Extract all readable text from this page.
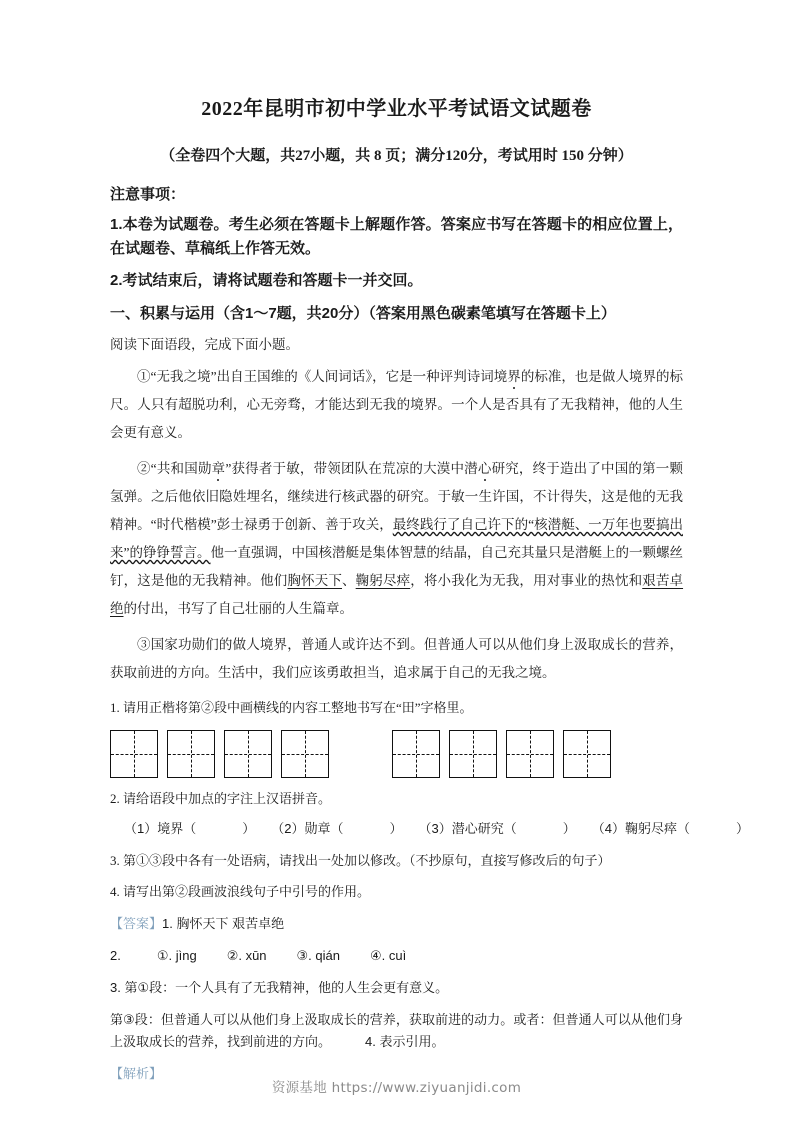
2022年昆明市初中学业水平考试语文试题卷

（全卷四个大题，共27小题，共 8 页；满分120分，考试用时 150 分钟）

注意事项：

1.本卷为试题卷。考生必须在答题卡上解题作答。答案应书写在答题卡的相应位置上，在试题卷、草稿纸上作答无效。

2.考试结束后，请将试题卷和答题卡一并交回。

一、积累与运用（含1～7题，共20分）（答案用黑色碳素笔填写在答题卡上）

阅读下面语段，完成下面小题。

①“无我之境”出自王国维的《人间词话》，它是一种评判诗词境界的标准，也是做人境界的标尺。人只有超脱功利，心无旁骛，才能达到无我的境界。一个人是否具有了无我精神，他的人生会更有意义。

②“共和国勋章”获得者于敏，带领团队在荒凉的大漠中潜心研究，终于造出了中国的第一颗氢弹。之后他依旧隐姓埋名，继续进行核武器的研究。于敏一生许国，不计得失，这是他的无我精神。“时代楷模”彭士禄勇于创新、善于攻关，最终践行了自己许下的“核潜艇、一万年也要搞出来”的铮铮誓言。他一直强调，中国核潜艇是集体智慧的结晶，自己充其量只是潜艇上的一颗螺丝钉，这是他的无我精神。他们胸怀天下、鞠躬尽瘁，将小我化为无我，用对事业的热忱和艰苦卓绝的付出，书写了自己壮丽的人生篇章。

③国家功勋们的做人境界，普通人或许达不到。但普通人可以从他们身上汲取成长的营养，获取前进的方向。生活中，我们应该勇敢担当，追求属于自己的无我之境。

1. 请用正楷将第②段中画横线的内容工整地书写在“田”字格里。

2. 请给语段中加点的字注上汉语拼音。

（1）境界（	） （2）勋章（	） （3）潜心研究（	） （4）鞠躬尽瘁（	）

3. 第①③段中各有一处语病，请找出一处加以修改。（不抄原句，直接写修改后的句子）

4. 请写出第②段画波浪线句子中引号的作用。

【答案】1. 胸怀天下 艰苦卓绝

2.	①. jìng ②. xūn ③. qián ④. cuì

3. 第①段：一个人具有了无我精神，他的人生会更有意义。

第③段：但普通人可以从他们身上汲取成长的营养，获取前进的动力。或者：但普通人可以从他们身上汲取成长的营养，找到前进的方向。	4. 表示引用。

【解析】

资源基地 https://www.ziyuanjidi.com
